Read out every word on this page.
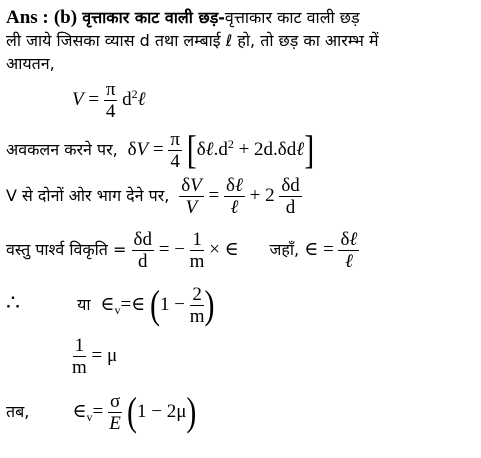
Ans : (b) वृत्ताकार काट वाली छड़-वृत्ताकार काट वाली छड़
ली जाये जिसका व्यास d तथा लम्बाई ℓ हो, तो छड़ का आरम्भ में
आयतन,
$V = \frac{\pi}{4}$ $d^2\ell$
अवकलन करने पर,  $\delta V = \frac{\pi}{4}$ [$\delta\ell.d^2$ + 2d.δdℓ]
V से दोनों ओर भाग देने पर, $\frac{\delta V}{V} = \frac{\text{δℓ}}{\text{ℓ}} + 2 \frac{\delta d}{d}$
वस्तु पार्श्व विकृति = $\frac{\delta d}{d}$ = − $\frac{1}{m}$ × ∈ जहाँ, ∈ = $\frac{\text{δℓ}}{\text{ℓ}}$
∴	या  $\in_v=\in$ ($1 - \frac{2}{m}$ )
$\frac{1}{m} = \mu$
तब, $\in_v= \frac{\sigma}{E} (1 - 2\mu)$
